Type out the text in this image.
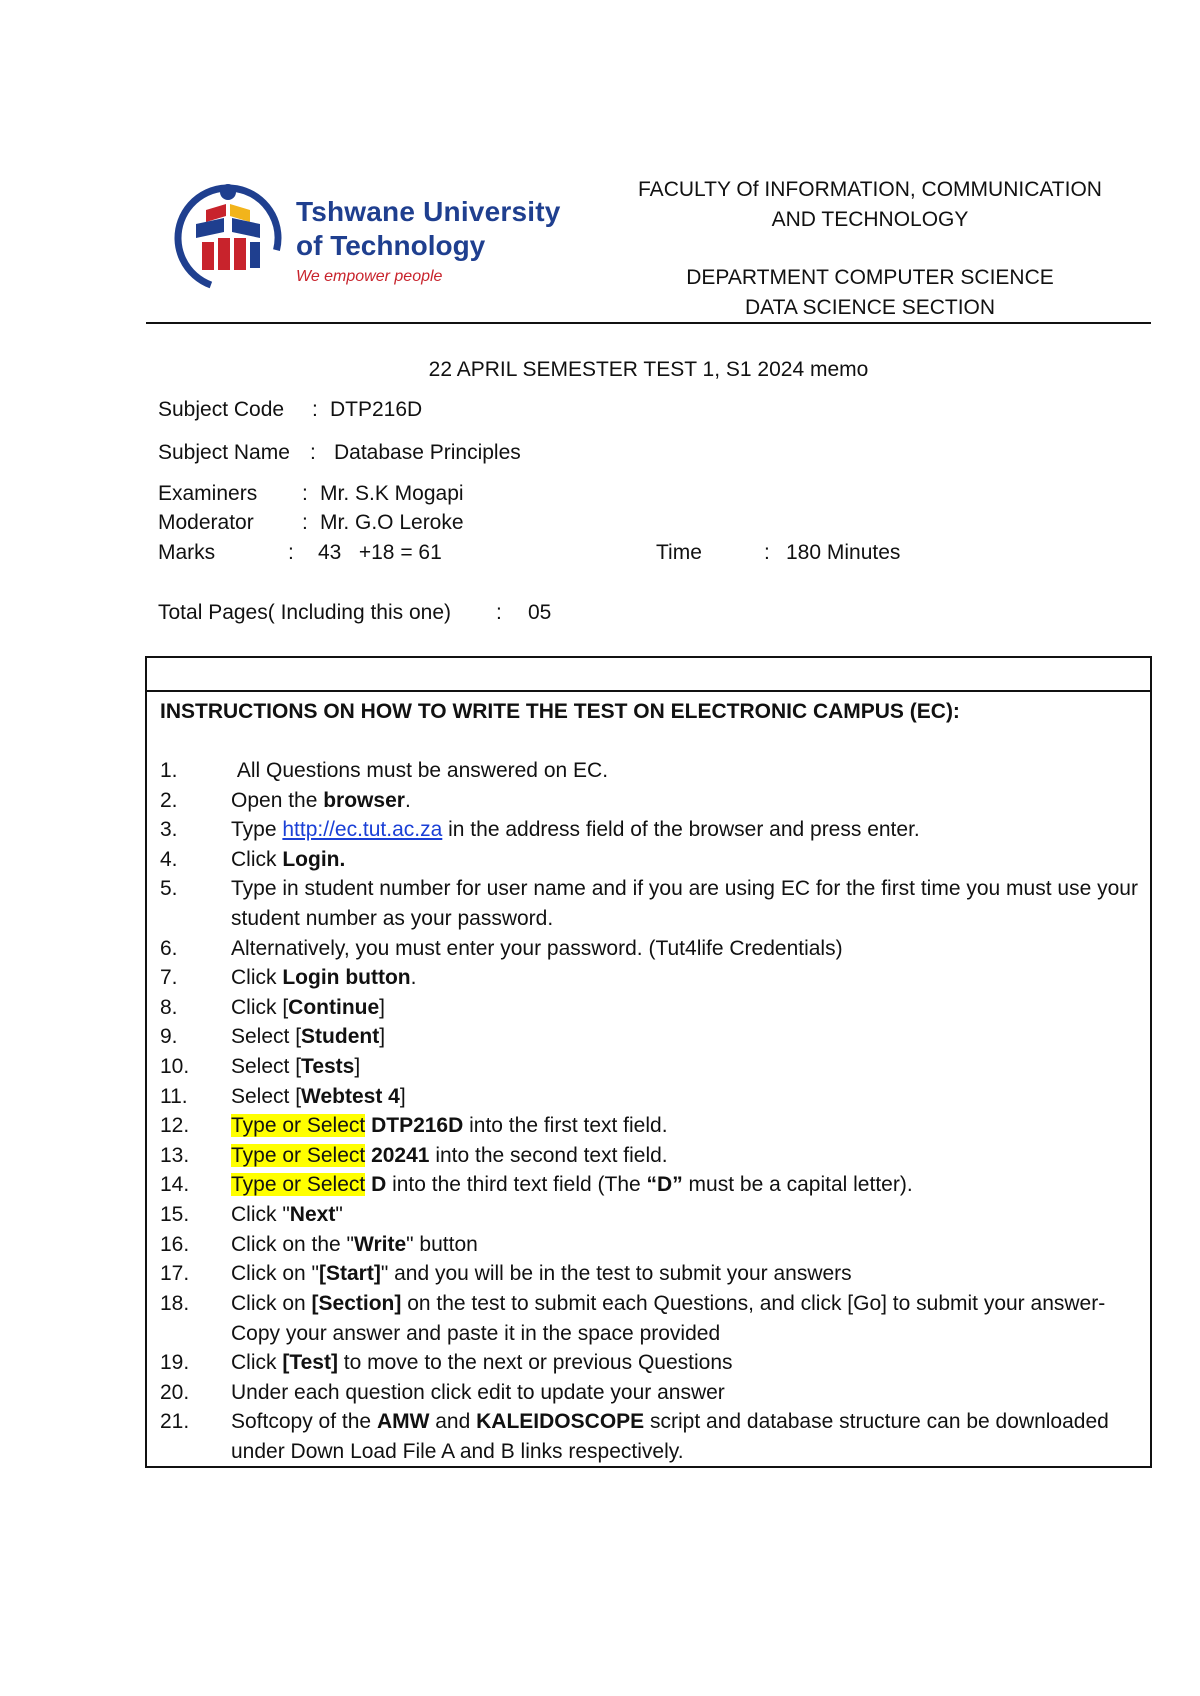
Tshwane University
of Technology
We empower people
FACULTY Of INFORMATION, COMMUNICATION
AND TECHNOLOGY
DEPARTMENT COMPUTER SCIENCE
DATA SCIENCE SECTION
22 APRIL SEMESTER TEST 1, S1 2024 memo
Subject Code : DTP216D
Subject Name : Database Principles
Examiners : Mr. S.K Mogapi
Moderator : Mr. G.O Leroke
Marks	: 43   +18 = 61	Time	: 180 Minutes
Total Pages( Including this one) : 05
INSTRUCTIONS ON HOW TO WRITE THE TEST ON ELECTRONIC CAMPUS (EC):
1.	All Questions must be answered on EC.
2.	Open the browser.
3.	Type http://ec.tut.ac.za in the address field of the browser and press enter.
4.	Click Login.
5.	Type in student number for user name and if you are using EC for the first time you must use your student number as your password.
6.	Alternatively, you must enter your password. (Tut4life Credentials)
7.	Click Login button.
8.	Click [Continue]
9.	Select [Student]
10.	Select [Tests]
11.	Select [Webtest 4]
12.	Type or Select DTP216D into the first text field.
13.	Type or Select 20241 into the second text field.
14.	Type or Select D into the third text field (The “D” must be a capital letter).
15.	Click "Next"
16.	Click on the "Write" button
17.	Click on "[Start]" and you will be in the test to submit your answers
18.	Click on [Section] on the test to submit each Questions, and click [Go] to submit your answer- Copy your answer and paste it in the space provided
19.	Click [Test] to move to the next or previous Questions
20.	Under each question click edit to update your answer
21.	Softcopy of the AMW and KALEIDOSCOPE script and database structure can be downloaded under Down Load File A and B links respectively.
